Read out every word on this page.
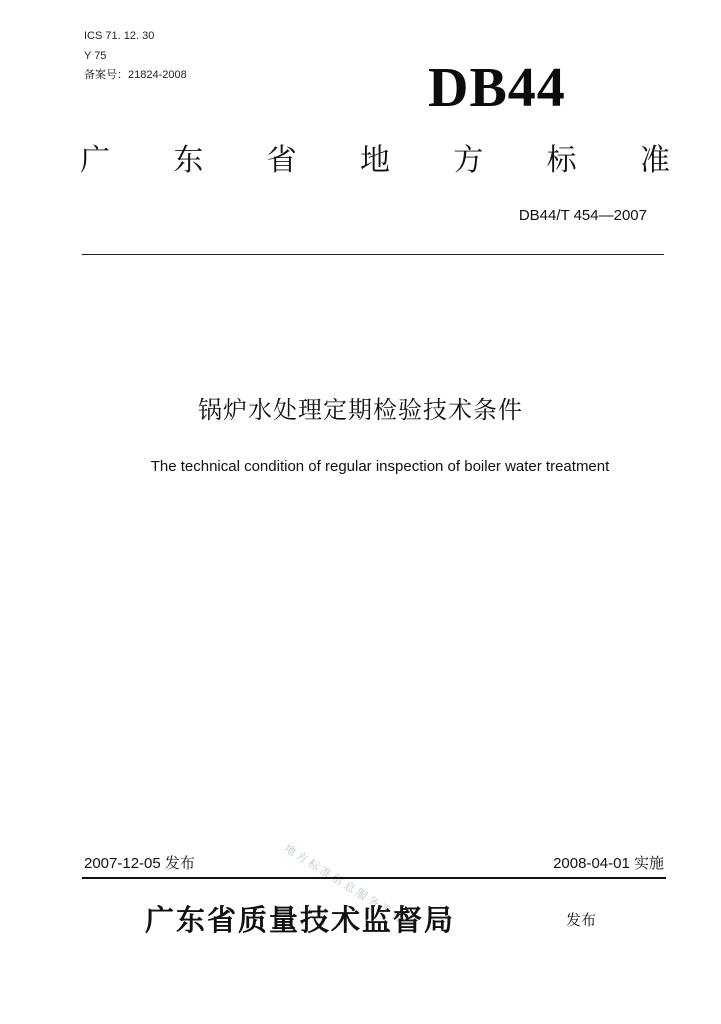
ICS 71. 12. 30
Y 75
备案号：21824-2008	DB44
广 东 省 地 方 标 准
DB44/T 454—2007
锅炉水处理定期检验技术条件
The technical condition of regular inspection of boiler water treatment
地方标准信息服务平台
2007-12-05 发布	2008-04-01 实施
广东省质量技术监督局	发布
